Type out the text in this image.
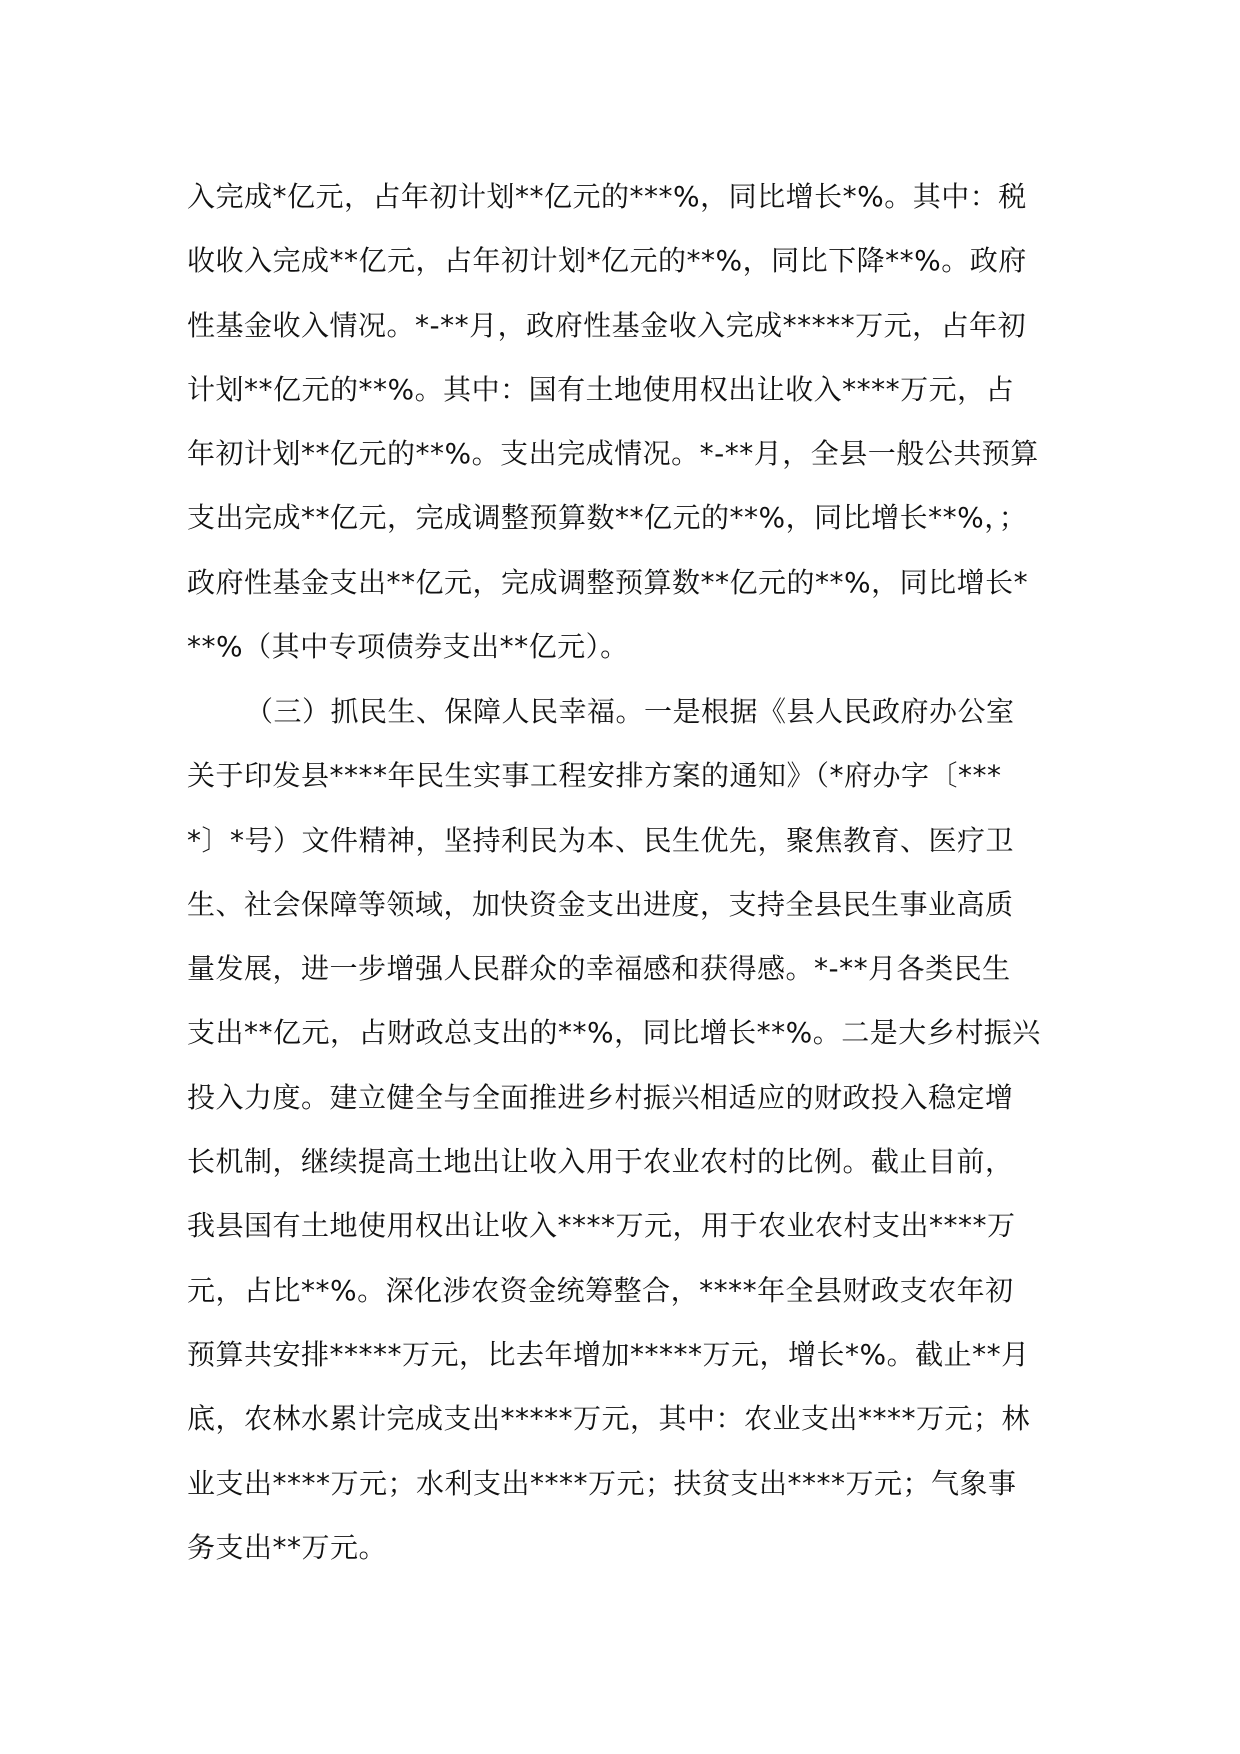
入完成*亿元，占年初计划**亿元的***%，同比增长*%。其中：税
收收入完成**亿元，占年初计划*亿元的**%，同比下降**%。政府
性基金收入情况。*-**月，政府性基金收入完成*****万元，占年初
计划**亿元的**%。其中：国有土地使用权出让收入****万元，占
年初计划**亿元的**%。支出完成情况。*-**月，全县一般公共预算
支出完成**亿元，完成调整预算数**亿元的**%，同比增长**%，；
政府性基金支出**亿元，完成调整预算数**亿元的**%，同比增长*
**%（其中专项债券支出**亿元）。
（三）抓民生、保障人民幸福。一是根据《县人民政府办公室
关于印发县****年民生实事工程安排方案的通知》（*府办字〔***
*〕*号）文件精神，坚持利民为本、民生优先，聚焦教育、医疗卫
生、社会保障等领域，加快资金支出进度，支持全县民生事业高质
量发展，进一步增强人民群众的幸福感和获得感。*-**月各类民生
支出**亿元，占财政总支出的**%，同比增长**%。二是大乡村振兴
投入力度。建立健全与全面推进乡村振兴相适应的财政投入稳定增
长机制，继续提高土地出让收入用于农业农村的比例。截止目前，
我县国有土地使用权出让收入****万元，用于农业农村支出****万
元，占比**%。深化涉农资金统筹整合，****年全县财政支农年初
预算共安排*****万元，比去年增加*****万元，增长*%。截止**月
底，农林水累计完成支出*****万元，其中：农业支出****万元；林
业支出****万元；水利支出****万元；扶贫支出****万元；气象事
务支出**万元。
